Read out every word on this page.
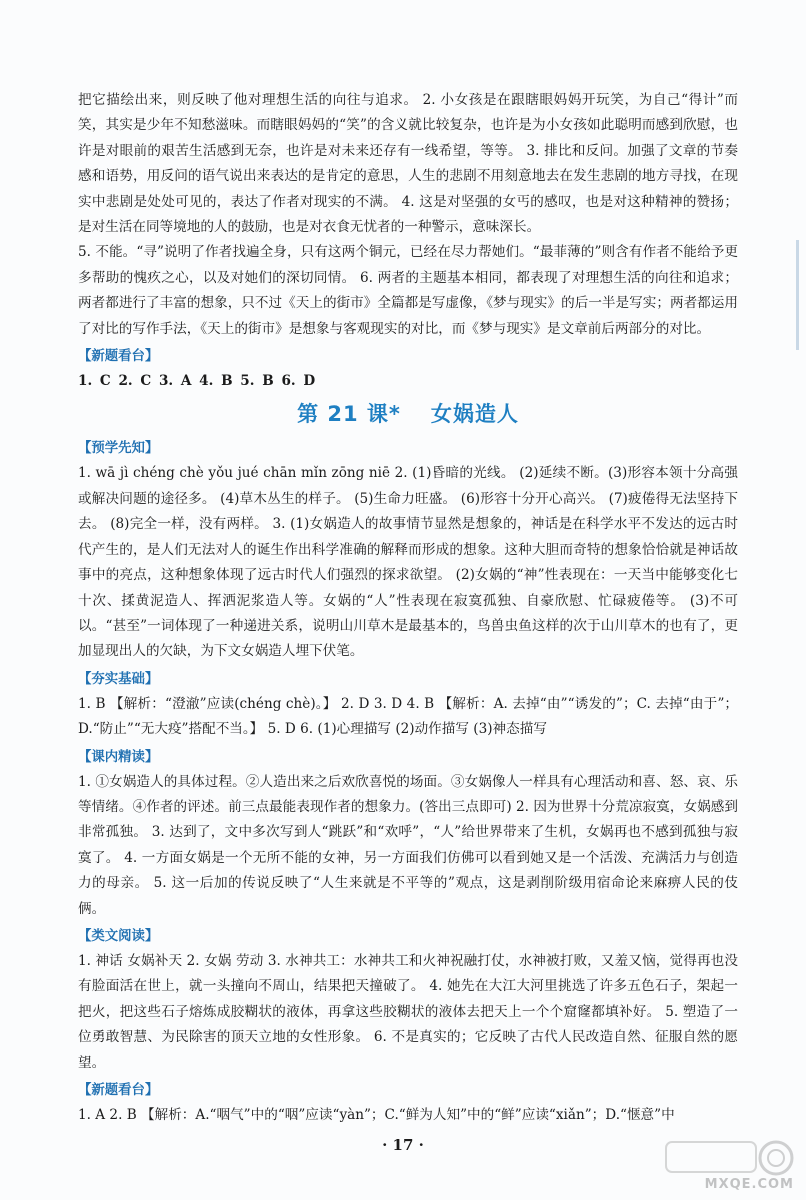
把它描绘出来，则反映了他对理想生活的向往与追求。 2. 小女孩是在跟瞎眼妈妈开玩笑，为自己“得计”而笑，其实是少年不知愁滋味。而瞎眼妈妈的“笑”的含义就比较复杂，也许是为小女孩如此聪明而感到欣慰，也许是对眼前的艰苦生活感到无奈，也许是对未来还存有一线希望，等等。 3. 排比和反问。加强了文章的节奏感和语势，用反问的语气说出来表达的是肯定的意思，人生的悲剧不用刻意地去在发生悲剧的地方寻找，在现实中悲剧是处处可见的，表达了作者对现实的不满。 4. 这是对坚强的女丐的感叹，也是对这种精神的赞扬；是对生活在同等境地的人的鼓励，也是对衣食无忧者的一种警示，意味深长。

5. 不能。“寻”说明了作者找遍全身，只有这两个铜元，已经在尽力帮她们。“最菲薄的”则含有作者不能给予更多帮助的愧疚之心，以及对她们的深切同情。 6. 两者的主题基本相同，都表现了对理想生活的向往和追求；两者都进行了丰富的想象，只不过《天上的街市》全篇都是写虚像，《梦与现实》的后一半是写实；两者都运用了对比的写作手法，《天上的街市》是想象与客观现实的对比，而《梦与现实》是文章前后两部分的对比。

【新题看台】

1. C 2. C 3. A 4. B 5. B 6. D

第 21 课* 女娲造人
【预学先知】

1. wā jì chéng chè yǒu jué chān mǐn zōng niē 2. (1)昏暗的光线。 (2)延续不断。(3)形容本领十分高强或解决问题的途径多。 (4)草木丛生的样子。 (5)生命力旺盛。 (6)形容十分开心高兴。 (7)疲倦得无法坚持下去。 (8)完全一样，没有两样。 3. (1)女娲造人的故事情节显然是想象的，神话是在科学水平不发达的远古时代产生的，是人们无法对人的诞生作出科学准确的解释而形成的想象。这种大胆而奇特的想象恰恰就是神话故事中的亮点，这种想象体现了远古时代人们强烈的探求欲望。 (2)女娲的“神”性表现在：一天当中能够变化七十次、揉黄泥造人、挥洒泥浆造人等。女娲的“人”性表现在寂寞孤独、自豪欣慰、忙碌疲倦等。 (3)不可以。“甚至”一词体现了一种递进关系，说明山川草木是最基本的，鸟兽虫鱼这样的次于山川草木的也有了，更加显现出人的欠缺，为下文女娲造人埋下伏笔。

【夯实基础】

1. B 【解析：“澄澈”应读(chéng chè)。】 2. D 3. D 4. B 【解析：A. 去掉“由”“诱发的”；C. 去掉“由于”；D.“防止”“无大疫”搭配不当。】 5. D 6. (1)心理描写 (2)动作描写 (3)神态描写

【课内精读】

1. ①女娲造人的具体过程。②人造出来之后欢欣喜悦的场面。③女娲像人一样具有心理活动和喜、怒、哀、乐等情绪。④作者的评述。前三点最能表现作者的想象力。(答出三点即可) 2. 因为世界十分荒凉寂寞，女娲感到非常孤独。 3. 达到了，文中多次写到人“跳跃”和“欢呼”，“人”给世界带来了生机，女娲再也不感到孤独与寂寞了。 4. 一方面女娲是一个无所不能的女神，另一方面我们仿佛可以看到她又是一个活泼、充满活力与创造力的母亲。 5. 这一后加的传说反映了“人生来就是不平等的”观点，这是剥削阶级用宿命论来麻痹人民的伎俩。

【类文阅读】

1. 神话 女娲补天 2. 女娲 劳动 3. 水神共工：水神共工和火神祝融打仗，水神被打败，又羞又恼，觉得再也没有脸面活在世上，就一头撞向不周山，结果把天撞破了。 4. 她先在大江大河里挑选了许多五色石子，架起一把火，把这些石子熔炼成胶糊状的液体，再拿这些胶糊状的液体去把天上一个个窟窿都填补好。 5. 塑造了一位勇敢智慧、为民除害的顶天立地的女性形象。 6. 不是真实的；它反映了古代人民改造自然、征服自然的愿望。

【新题看台】

1. A 2. B 【解析：A.“咽气”中的“咽”应读“yàn”；C.“鲜为人知”中的“鲜”应读“xiǎn”；D.“惬意”中

· 17 ·
MXQE.COM
